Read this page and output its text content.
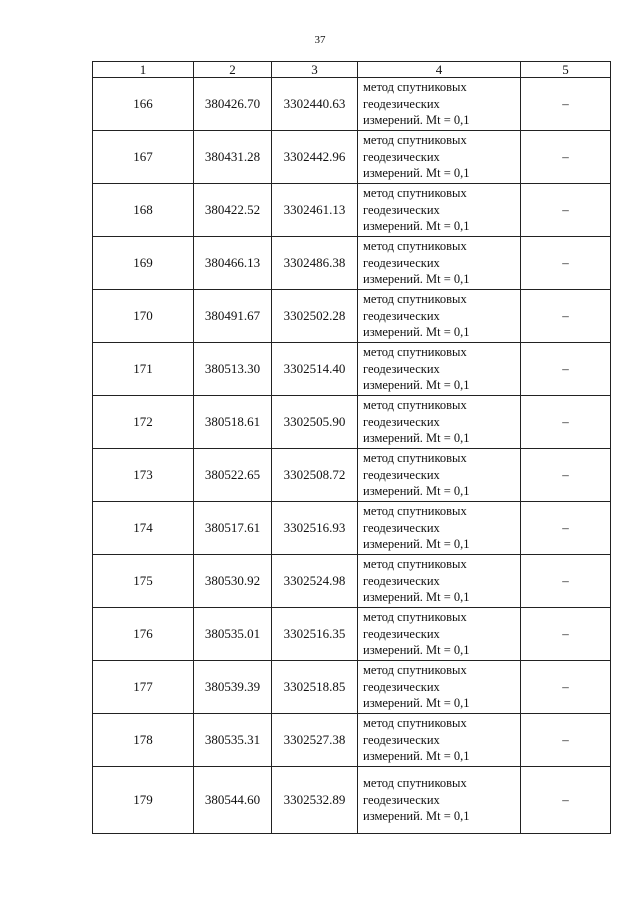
37
1	2	3	4	5
166	380426.70	3302440.63	метод спутниковых
геодезических
измерений. Mt = 0,1	–
167	380431.28	3302442.96	метод спутниковых
геодезических
измерений. Mt = 0,1	–
168	380422.52	3302461.13	метод спутниковых
геодезических
измерений. Mt = 0,1	–
169	380466.13	3302486.38	метод спутниковых
геодезических
измерений. Mt = 0,1	–
170	380491.67	3302502.28	метод спутниковых
геодезических
измерений. Mt = 0,1	–
171	380513.30	3302514.40	метод спутниковых
геодезических
измерений. Mt = 0,1	–
172	380518.61	3302505.90	метод спутниковых
геодезических
измерений. Mt = 0,1	–
173	380522.65	3302508.72	метод спутниковых
геодезических
измерений. Mt = 0,1	–
174	380517.61	3302516.93	метод спутниковых
геодезических
измерений. Mt = 0,1	–
175	380530.92	3302524.98	метод спутниковых
геодезических
измерений. Mt = 0,1	–
176	380535.01	3302516.35	метод спутниковых
геодезических
измерений. Mt = 0,1	–
177	380539.39	3302518.85	метод спутниковых
геодезических
измерений. Mt = 0,1	–
178	380535.31	3302527.38	метод спутниковых
геодезических
измерений. Mt = 0,1	–
179	380544.60	3302532.89	метод спутниковых
геодезических
измерений. Mt = 0,1	–
